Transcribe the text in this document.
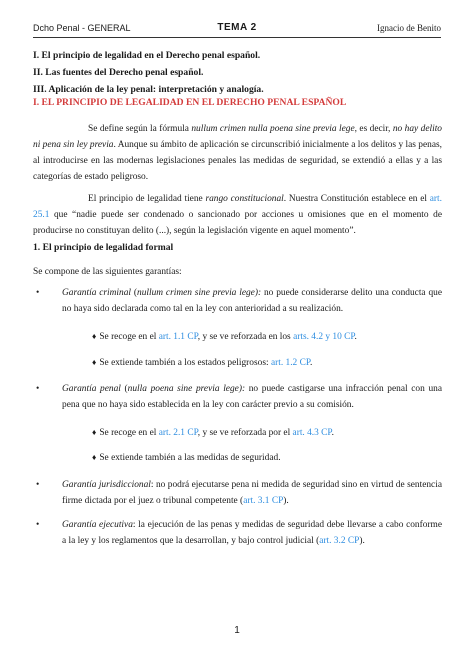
Dcho Penal - GENERAL	TEMA 2	Ignacio de Benito
I. El principio de legalidad en el Derecho penal español.
II. Las fuentes del Derecho penal español.
III. Aplicación de la ley penal: interpretación y analogía.
I. EL PRINCIPIO DE LEGALIDAD EN EL DERECHO PENAL ESPAÑOL
Se define según la fórmula nullum crimen nulla poena sine previa lege, es decir, no hay delito ni pena sin ley previa. Aunque su ámbito de aplicación se circunscribió inicialmente a los delitos y las penas, al introducirse en las modernas legislaciones penales las medidas de seguridad, se extendió a ellas y a las categorías de estado peligroso.
El principio de legalidad tiene rango constitucional. Nuestra Constitución establece en el art. 25.1 que “nadie puede ser condenado o sancionado por acciones u omisiones que en el momento de producirse no constituyan delito (...), según la legislación vigente en aquel momento”.
1. El principio de legalidad formal
Se compone de las siguientes garantías:
• Garantía criminal (nullum crimen sine previa lege): no puede considerarse delito una conducta que no haya sido declarada como tal en la ley con anterioridad a su realización.
♦ Se recoge en el art. 1.1 CP, y se ve reforzada en los arts. 4.2 y 10 CP.
♦ Se extiende también a los estados peligrosos: art. 1.2 CP.
• Garantía penal (nulla poena sine previa lege): no puede castigarse una infracción penal con una pena que no haya sido establecida en la ley con carácter previo a su comisión.
♦ Se recoge en el art. 2.1 CP, y se ve reforzada por el art. 4.3 CP.
♦ Se extiende también a las medidas de seguridad.
• Garantía jurisdiccional: no podrá ejecutarse pena ni medida de seguridad sino en virtud de sentencia firme dictada por el juez o tribunal competente (art. 3.1 CP).
• Garantía ejecutiva: la ejecución de las penas y medidas de seguridad debe llevarse a cabo conforme a la ley y los reglamentos que la desarrollan, y bajo control judicial (art. 3.2 CP).
1
